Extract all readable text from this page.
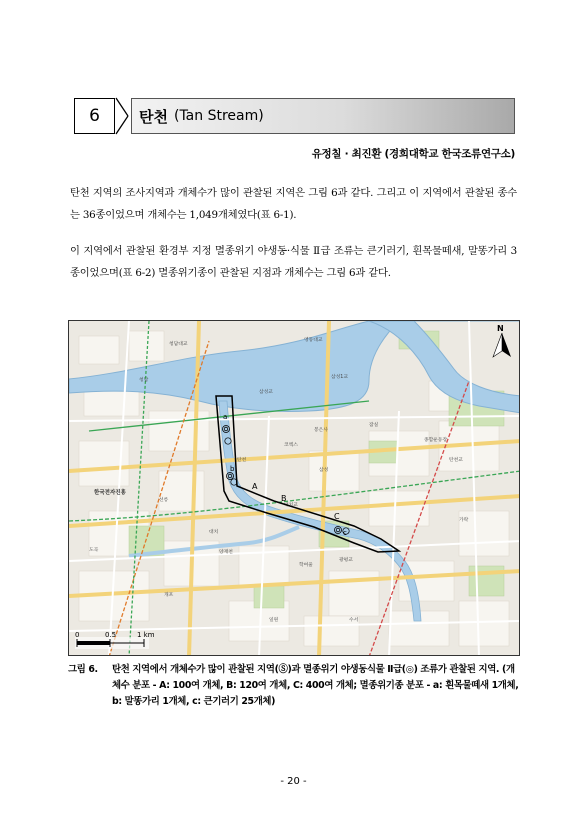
6	탄천 (Tan Stream)
유정칠 · 최진환 (경희대학교 한국조류연구소)
탄천 지역의 조사지역과 개체수가 많이 관찰된 지역은 그림 6과 같다. 그리고 이 지역에서 관찰된 종수는 36종이었으며 개체수는 1,049개체였다(표 6-1).
이 지역에서 관찰된 환경부 지정 멸종위기 야생동·식물 Ⅱ급 조류는 큰기러기, 흰목물떼새, 말똥가리 3종이었으며(표 6-2) 멸종위기종이 관찰된 지점과 개체수는 그림 6과 같다.
청담대교
청담
영동대교
삼성1교
봉은사
코엑스
삼성
탄천
대치
학여울
개포
잠실
종합운동장
수서
일원
도곡
선릉
한국전자진흥
양재천
가락
삼성교
탄천교
광평교
대치교
A
B
C
a
b
c
0	0.5	1 km
N
그림 6.	탄천 지역에서 개체수가 많이 관찰된 지역(Ⓢ)과 멸종위기 야생동식물 Ⅱ급(◎) 조류가 관찰된 지역. (개체수 분포 - A: 100여 개체, B: 120여 개체, C: 400여 개체; 멸종위기종 분포 - a: 흰목물떼새 1개체, b: 말똥가리 1개체, c: 큰기러기 25개체)
- 20 -
